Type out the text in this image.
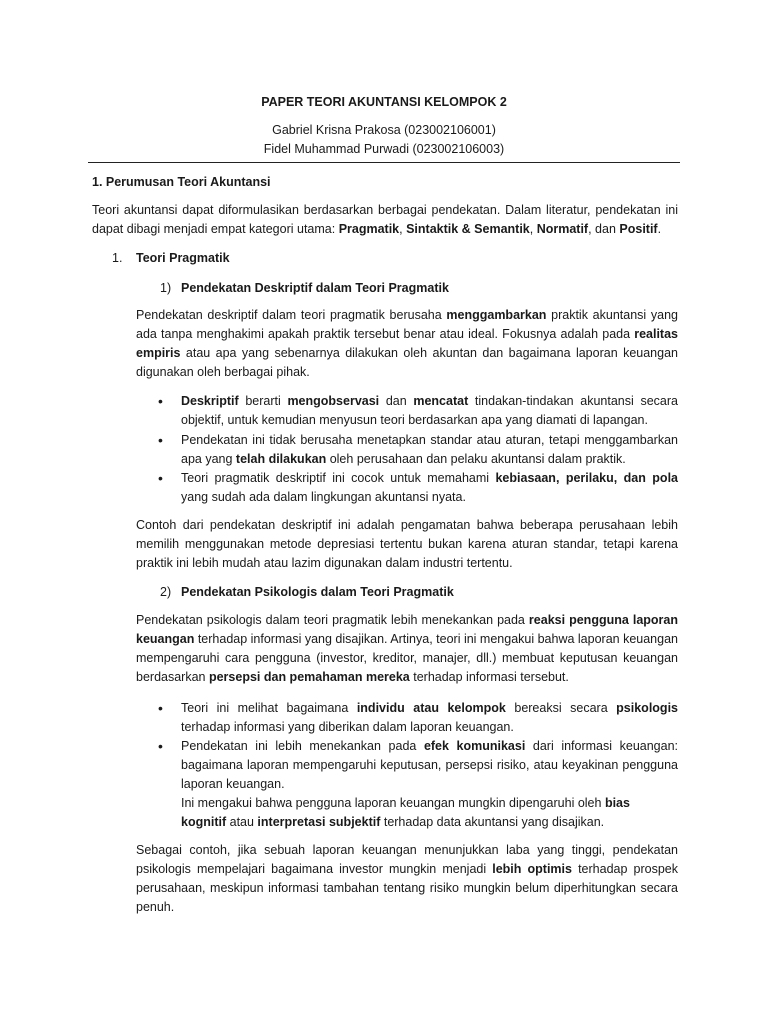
PAPER TEORI AKUNTANSI KELOMPOK 2
Gabriel Krisna Prakosa (023002106001)
Fidel Muhammad Purwadi (023002106003)
1. Perumusan Teori Akuntansi
Teori akuntansi dapat diformulasikan berdasarkan berbagai pendekatan. Dalam literatur, pendekatan ini dapat dibagi menjadi empat kategori utama: Pragmatik, Sintaktik & Semantik, Normatif, dan Positif.
1. Teori Pragmatik
1) Pendekatan Deskriptif dalam Teori Pragmatik
Pendekatan deskriptif dalam teori pragmatik berusaha menggambarkan praktik akuntansi yang ada tanpa menghakimi apakah praktik tersebut benar atau ideal. Fokusnya adalah pada realitas empiris atau apa yang sebenarnya dilakukan oleh akuntan dan bagaimana laporan keuangan digunakan oleh berbagai pihak.
• Deskriptif berarti mengobservasi dan mencatat tindakan-tindakan akuntansi secara objektif, untuk kemudian menyusun teori berdasarkan apa yang diamati di lapangan.
• Pendekatan ini tidak berusaha menetapkan standar atau aturan, tetapi menggambarkan apa yang telah dilakukan oleh perusahaan dan pelaku akuntansi dalam praktik.
• Teori pragmatik deskriptif ini cocok untuk memahami kebiasaan, perilaku, dan pola yang sudah ada dalam lingkungan akuntansi nyata.
Contoh dari pendekatan deskriptif ini adalah pengamatan bahwa beberapa perusahaan lebih memilih menggunakan metode depresiasi tertentu bukan karena aturan standar, tetapi karena praktik ini lebih mudah atau lazim digunakan dalam industri tertentu.
2) Pendekatan Psikologis dalam Teori Pragmatik
Pendekatan psikologis dalam teori pragmatik lebih menekankan pada reaksi pengguna laporan keuangan terhadap informasi yang disajikan. Artinya, teori ini mengakui bahwa laporan keuangan mempengaruhi cara pengguna (investor, kreditor, manajer, dll.) membuat keputusan keuangan berdasarkan persepsi dan pemahaman mereka terhadap informasi tersebut.
• Teori ini melihat bagaimana individu atau kelompok bereaksi secara psikologis terhadap informasi yang diberikan dalam laporan keuangan.
• Pendekatan ini lebih menekankan pada efek komunikasi dari informasi keuangan: bagaimana laporan mempengaruhi keputusan, persepsi risiko, atau keyakinan pengguna laporan keuangan.
Ini mengakui bahwa pengguna laporan keuangan mungkin dipengaruhi oleh bias kognitif atau interpretasi subjektif terhadap data akuntansi yang disajikan.
Sebagai contoh, jika sebuah laporan keuangan menunjukkan laba yang tinggi, pendekatan psikologis mempelajari bagaimana investor mungkin menjadi lebih optimis terhadap prospek perusahaan, meskipun informasi tambahan tentang risiko mungkin belum diperhitungkan secara penuh.
